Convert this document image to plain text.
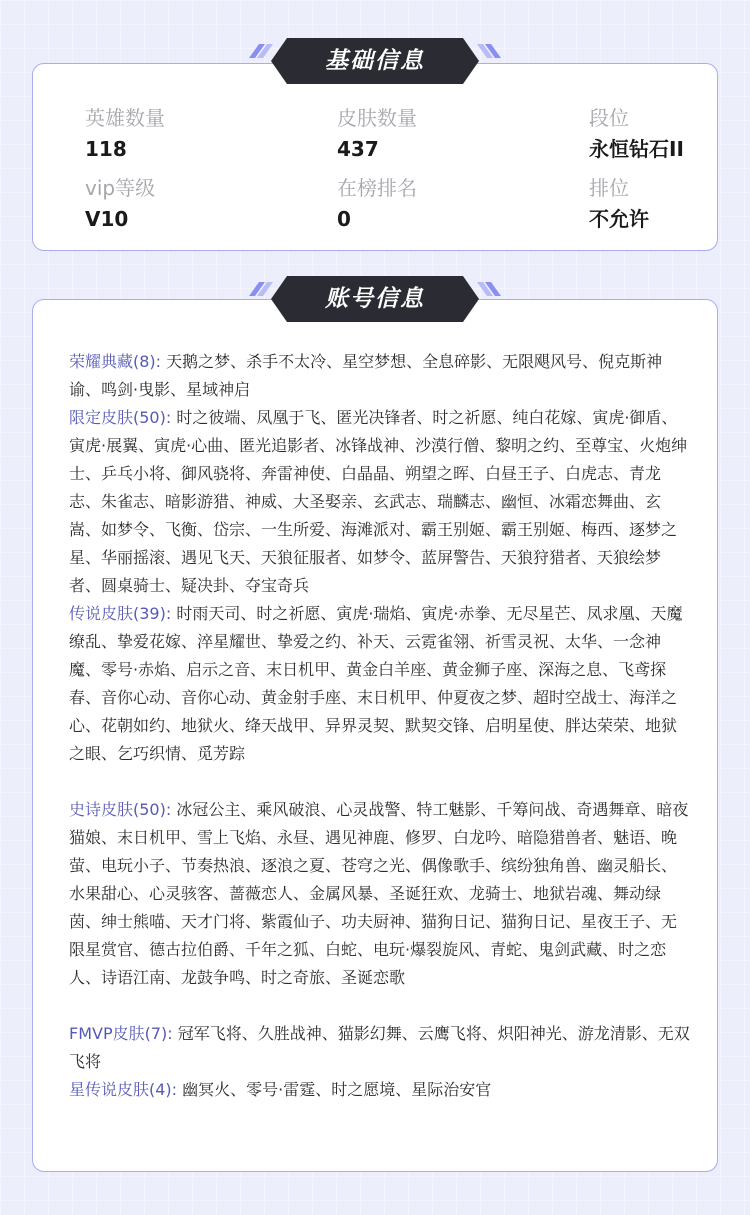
英雄数量
118
皮肤数量
437
段位
永恒钻石II
vip等级
V10
在榜排名
0
排位
不允许
基础信息
荣耀典藏(8): 天鹅之梦、杀手不太冷、星空梦想、全息碎影、无限飓风号、倪克斯神谕、鸣剑·曳影、星域神启
限定皮肤(50): 时之彼端、凤凰于飞、匿光决锋者、时之祈愿、纯白花嫁、寅虎·御盾、寅虎·展翼、寅虎·心曲、匿光追影者、冰锋战神、沙漠行僧、黎明之约、至尊宝、火炮绅士、乒乓小将、御风骁将、奔雷神使、白晶晶、朔望之晖、白昼王子、白虎志、青龙志、朱雀志、暗影游猎、神威、大圣娶亲、玄武志、瑞麟志、幽恒、冰霜恋舞曲、玄嵩、如梦令、飞衡、岱宗、一生所爱、海滩派对、霸王别姬、霸王别姬、梅西、逐梦之星、华丽摇滚、遇见飞天、天狼征服者、如梦令、蓝屏警告、天狼狩猎者、天狼绘梦者、圆桌骑士、疑决卦、夺宝奇兵
传说皮肤(39): 时雨天司、时之祈愿、寅虎·瑞焰、寅虎·赤拳、无尽星芒、凤求凰、天魔缭乱、挚爱花嫁、淬星耀世、挚爱之约、补天、云霓雀翎、祈雪灵祝、太华、一念神魔、零号·赤焰、启示之音、末日机甲、黄金白羊座、黄金狮子座、深海之息、飞鸢探春、音你心动、音你心动、黄金射手座、末日机甲、仲夏夜之梦、超时空战士、海洋之心、花朝如约、地狱火、绛天战甲、异界灵契、默契交锋、启明星使、胖达荣荣、地狱之眼、乞巧织情、觅芳踪
史诗皮肤(50): 冰冠公主、乘风破浪、心灵战警、特工魅影、千筹问战、奇遇舞章、暗夜猫娘、末日机甲、雪上飞焰、永昼、遇见神鹿、修罗、白龙吟、暗隐猎兽者、魅语、晚萤、电玩小子、节奏热浪、逐浪之夏、苍穹之光、偶像歌手、缤纷独角兽、幽灵船长、水果甜心、心灵骇客、蔷薇恋人、金属风暴、圣诞狂欢、龙骑士、地狱岩魂、舞动绿茵、绅士熊喵、天才门将、紫霞仙子、功夫厨神、猫狗日记、猫狗日记、星夜王子、无限星赏官、德古拉伯爵、千年之狐、白蛇、电玩·爆裂旋风、青蛇、鬼剑武藏、时之恋人、诗语江南、龙鼓争鸣、时之奇旅、圣诞恋歌
FMVP皮肤(7): 冠军飞将、久胜战神、猫影幻舞、云鹰飞将、炽阳神光、游龙清影、无双飞将
星传说皮肤(4): 幽冥火、零号·雷霆、时之愿境、星际治安官
账号信息
